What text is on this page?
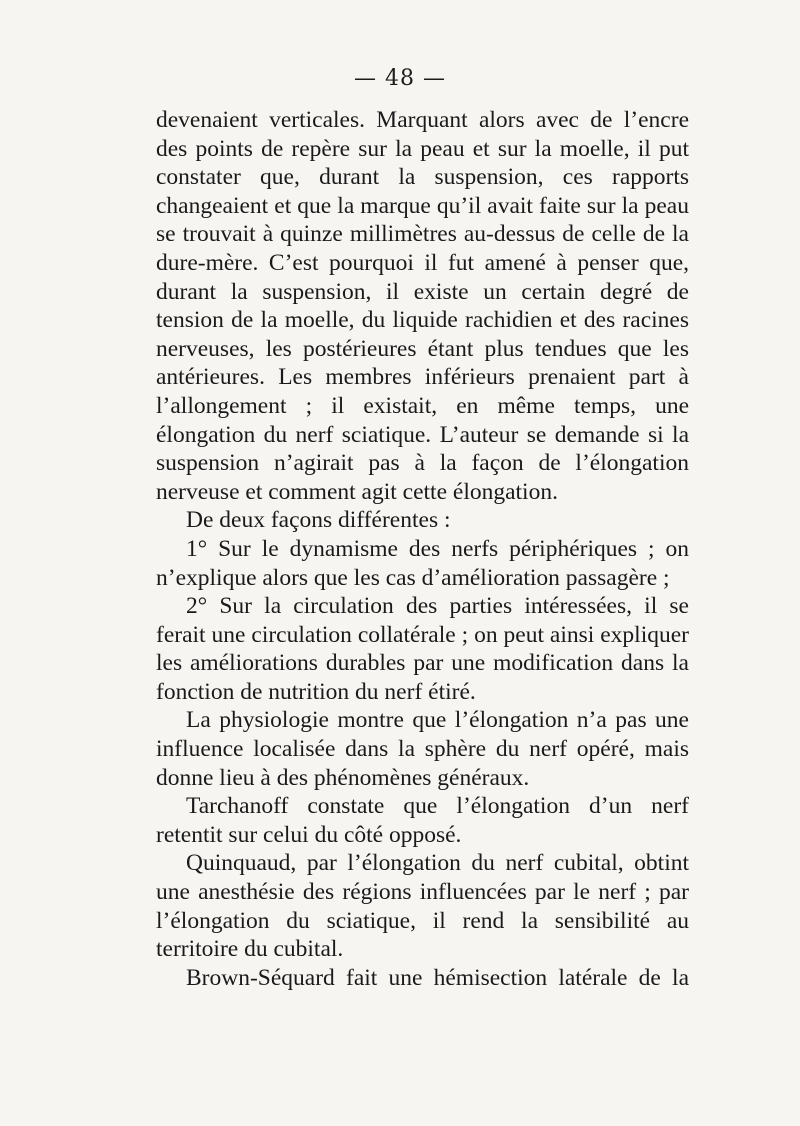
— 48 —

devenaient verticales. Marquant alors avec de l’encre des points de repère sur la peau et sur la moelle, il put constater que, durant la suspension, ces rapports changeaient et que la marque qu’il avait faite sur la peau se trouvait à quinze millimètres au-dessus de celle de la dure-mère. C’est pourquoi il fut amené à penser que, durant la suspension, il existe un certain degré de tension de la moelle, du liquide rachidien et des racines nerveuses, les postérieures étant plus tendues que les antérieures. Les membres inférieurs prenaient part à l’allongement ; il existait, en même temps, une élongation du nerf sciatique. L’auteur se demande si la suspension n’agirait pas à la façon de l’élongation nerveuse et comment agit cette élongation.

De deux façons différentes :

1° Sur le dynamisme des nerfs périphériques ; on n’explique alors que les cas d’amélioration passagère ;

2° Sur la circulation des parties intéressées, il se ferait une circulation collatérale ; on peut ainsi expliquer les améliorations durables par une modification dans la fonction de nutrition du nerf étiré.

La physiologie montre que l’élongation n’a pas une influence localisée dans la sphère du nerf opéré, mais donne lieu à des phénomènes généraux.

Tarchanoff constate que l’élongation d’un nerf retentit sur celui du côté opposé.

Quinquaud, par l’élongation du nerf cubital, obtint une anesthésie des régions influencées par le nerf ; par l’élongation du sciatique, il rend la sensibilité au territoire du cubital.

Brown-Séquard fait une hémisection latérale de la
